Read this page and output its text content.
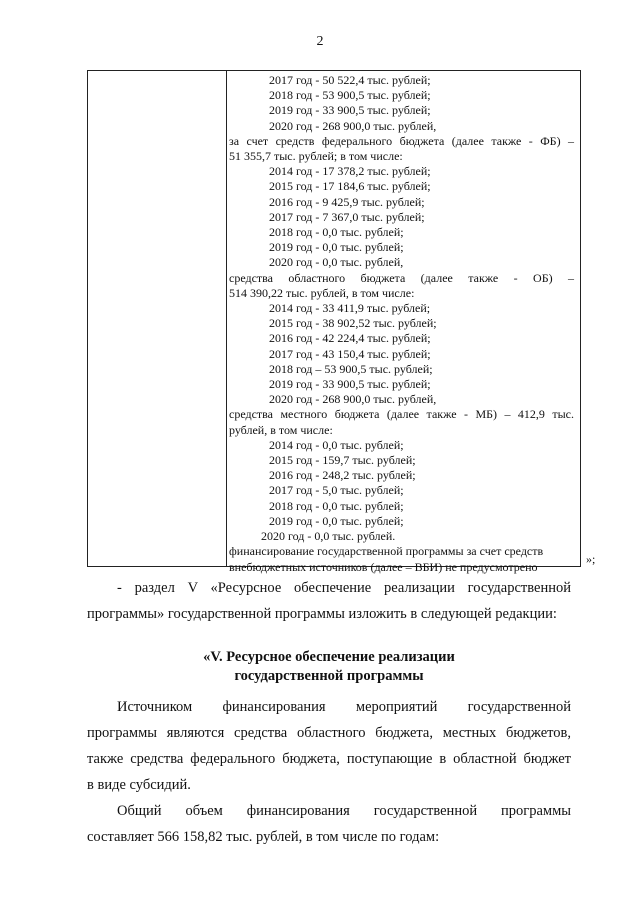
2
2017 год - 50 522,4 тыс. рублей;
2018 год - 53 900,5 тыс. рублей;
2019 год - 33 900,5 тыс. рублей;
2020 год - 268 900,0 тыс. рублей,
за счет средств федерального бюджета (далее также - ФБ) –
51 355,7 тыс. рублей; в том числе:
2014 год - 17 378,2 тыс. рублей;
2015 год - 17 184,6 тыс. рублей;
2016 год - 9 425,9 тыс. рублей;
2017 год - 7 367,0 тыс. рублей;
2018 год - 0,0 тыс. рублей;
2019 год - 0,0 тыс. рублей;
2020 год - 0,0 тыс. рублей,
средства областного бюджета (далее также - ОБ) –
514 390,22 тыс. рублей, в том числе:
2014 год - 33 411,9 тыс. рублей;
2015 год - 38 902,52 тыс. рублей;
2016 год - 42 224,4 тыс. рублей;
2017 год - 43 150,4 тыс. рублей;
2018 год – 53 900,5 тыс. рублей;
2019 год - 33 900,5 тыс. рублей;
2020 год - 268 900,0 тыс. рублей,
средства местного бюджета (далее также - МБ) – 412,9 тыс.
рублей, в том числе:
2014 год - 0,0 тыс. рублей;
2015 год - 159,7 тыс. рублей;
2016 год - 248,2 тыс. рублей;
2017 год - 5,0 тыс. рублей;
2018 год - 0,0 тыс. рублей;
2019 год - 0,0 тыс. рублей;
2020 год - 0,0 тыс. рублей.
финансирование государственной программы за счет средств
внебюджетных источников (далее – ВБИ) не предусмотрено
»;
- раздел V «Ресурсное обеспечение реализации государственной
программы» государственной программы изложить в следующей редакции:
«V. Ресурсное обеспечение реализации
государственной программы
Источником финансирования мероприятий государственной
программы являются средства областного бюджета, местных бюджетов,
также средства федерального бюджета, поступающие в областной бюджет
в виде субсидий.
Общий объем финансирования государственной программы
составляет 566 158,82 тыс. рублей, в том числе по годам:
